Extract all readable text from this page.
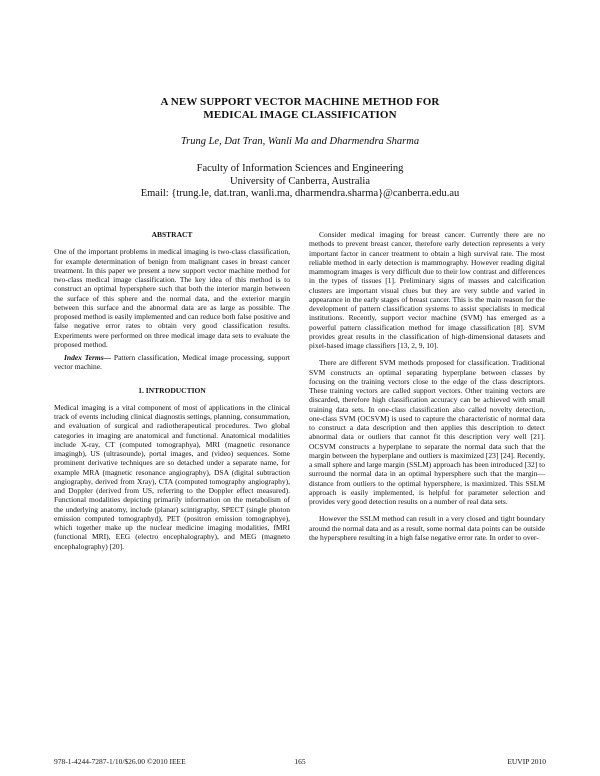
A NEW SUPPORT VECTOR MACHINE METHOD FOR
MEDICAL IMAGE CLASSIFICATION
Trung Le, Dat Tran, Wanli Ma and Dharmendra Sharma
Faculty of Information Sciences and Engineering
University of Canberra, Australia
Email: {trung.le, dat.tran, wanli.ma, dharmendra.sharma}@canberra.edu.au
ABSTRACT

One of the important problems in medical imaging is two-class classification, for example determination of benign from malignant cases in breast cancer treatment. In this paper we present a new support vector machine method for two-class medical image classification. The key idea of this method is to construct an optimal hypersphere such that both the interior margin between the surface of this sphere and the normal data, and the exterior margin between this surface and the abnormal data are as large as possible. The proposed method is easily implemented and can reduce both false positive and false negative error rates to obtain very good classification results. Experiments were performed on three medical image data sets to evaluate the proposed method.

Index Terms— Pattern classification, Medical image processing, support vector machine.

1. INTRODUCTION

Medical imaging is a vital component of most of applications in the clinical track of events including clinical diagnostis settings, planning, consummation, and evaluation of surgical and radiotherapeutical procedures. Two global categories in imaging are anatomical and functional. Anatomical modalities include X-ray, CT (computed tomographya), MRI (magnetic resonance imagingb), US (ultrasounde), portal images, and (video) sequences. Some prominent derivative techniques are so detached under a separate name, for example MRA (magnetic resonance angiography), DSA (digital subtraction angiography, derived from Xray), CTA (computed tomography angiography), and Doppler (derived from US, referring to the Doppler effect measured). Functional modalities depicting primarily information on the metabolism of the underlying anatomy, include (planar) scintigraphy, SPECT (single photon emission computed tomographyd), PET (positron emission tomographye), which together make up the nuclear medicine imaging modalities, fMRI (functional MRI), EEG (electro encephalography), and MEG (magneto encephalography) [20].

Consider medical imaging for breast cancer. Currently there are no methods to prevent breast cancer, therefore early detection represents a very important factor in cancer treatment to obtain a high survival rate. The most reliable method in early detection is mammography. However reading digital mammogram images is very difficult due to their low contrast and differences in the types of tissues [1]. Preliminary signs of masses and calcification clusters are important visual clues but they are very subtle and varied in appearance in the early stages of breast cancer. This is the main reason for the development of pattern classification systems to assist specialists in medical institutions. Recently, support vector machine (SVM) has emerged as a powerful pattern classification method for image classification [8]. SVM provides great results in the classification of high-dimensional datasets and pixel-based image classifiers [13, 2, 9, 10].

There are different SVM methods proposed for classification. Traditional SVM constructs an optimal separating hyperplane between classes by focusing on the training vectors close to the edge of the class descriptors. These training vectors are called support vectors. Other training vectors are discarded, therefore high classification accuracy can be achieved with small training data sets. In one-class classification also called novelty detection, one-class SVM (OCSVM) is used to capture the characteristic of normal data to construct a data description and then applies this description to detect abnormal data or outliers that cannot fit this description very well [21]. OCSVM constructs a hyperplane to separate the normal data such that the margin between the hyperplane and outliers is maximized [23] [24]. Recently, a small sphere and large margin (SSLM) approach has been introduced [32] to surround the normal data in an optimal hypersphere such that the margin—distance from outliers to the optimal hypersphere, is maximized. This SSLM approach is easily implemented, is helpful for parameter selection and provides very good detection results on a number of real data sets.

However the SSLM method can result in a very closed and tight boundary around the normal data and as a result, some normal data points can be outside the hypersphere resulting in a high false negative error rate. In order to over-

978-1-4244-7287-1/10/$26.00 ©2010 IEEE	165	EUVIP 2010
